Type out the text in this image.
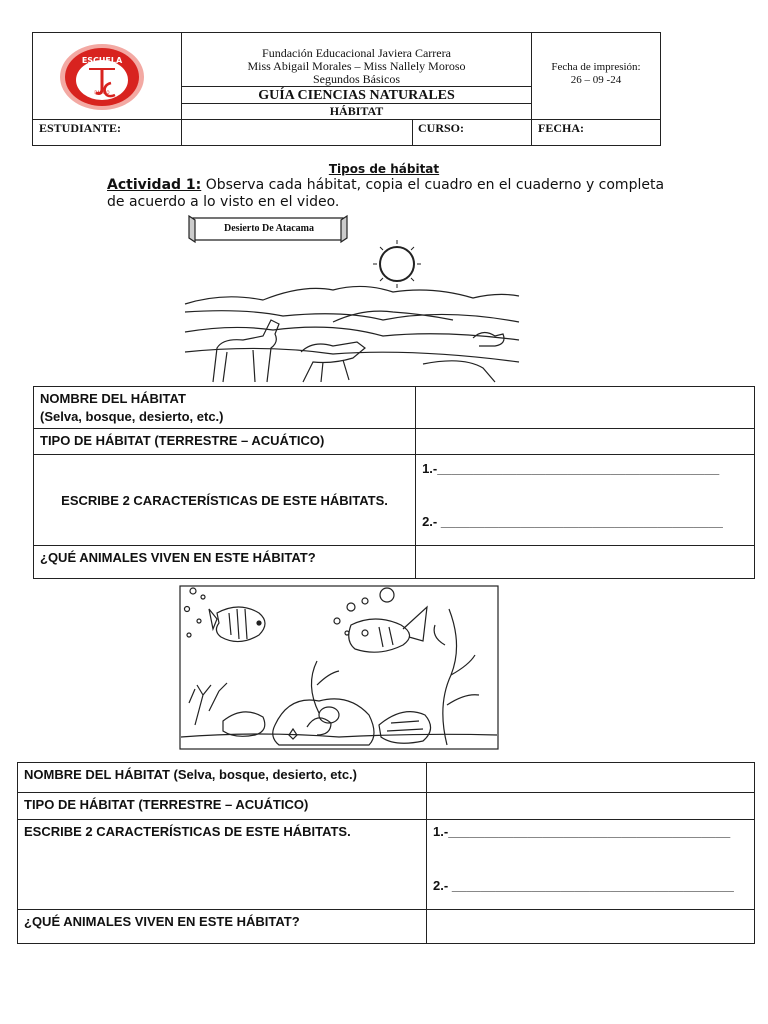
BASICO
ESCUELA
Fundación Educacional Javiera Carrera
Miss Abigail Morales – Miss Nallely Moroso
Segundos Básicos
GUÍA CIENCIAS NATURALES
HÁBITAT
Fecha de impresión:
26 – 09 -24
ESTUDIANTE:	CURSO:	FECHA:
Tipos de hábitat
Actividad 1: Observa cada hábitat, copia el cuadro en el cuaderno y completa de acuerdo a lo visto en el video.
Desierto De Atacama
NOMBRE DEL HÁBITAT
(Selva, bosque, desierto, etc.)	

TIPO DE HÁBITAT (TERRESTRE – ACUÁTICO)	
ESCRIBE 2 CARACTERÍSTICAS DE ESTE HÁBITATS.	1.-_______________________________________
2.- _______________________________________

¿QUÉ ANIMALES VIVEN EN ESTE HÁBITAT?	
NOMBRE DEL HÁBITAT (Selva, bosque, desierto, etc.)	
TIPO DE HÁBITAT (TERRESTRE – ACUÁTICO)	
ESCRIBE 2 CARACTERÍSTICAS DE ESTE HÁBITATS.	1.-_______________________________________
2.- _______________________________________

¿QUÉ ANIMALES VIVEN EN ESTE HÁBITAT?	
